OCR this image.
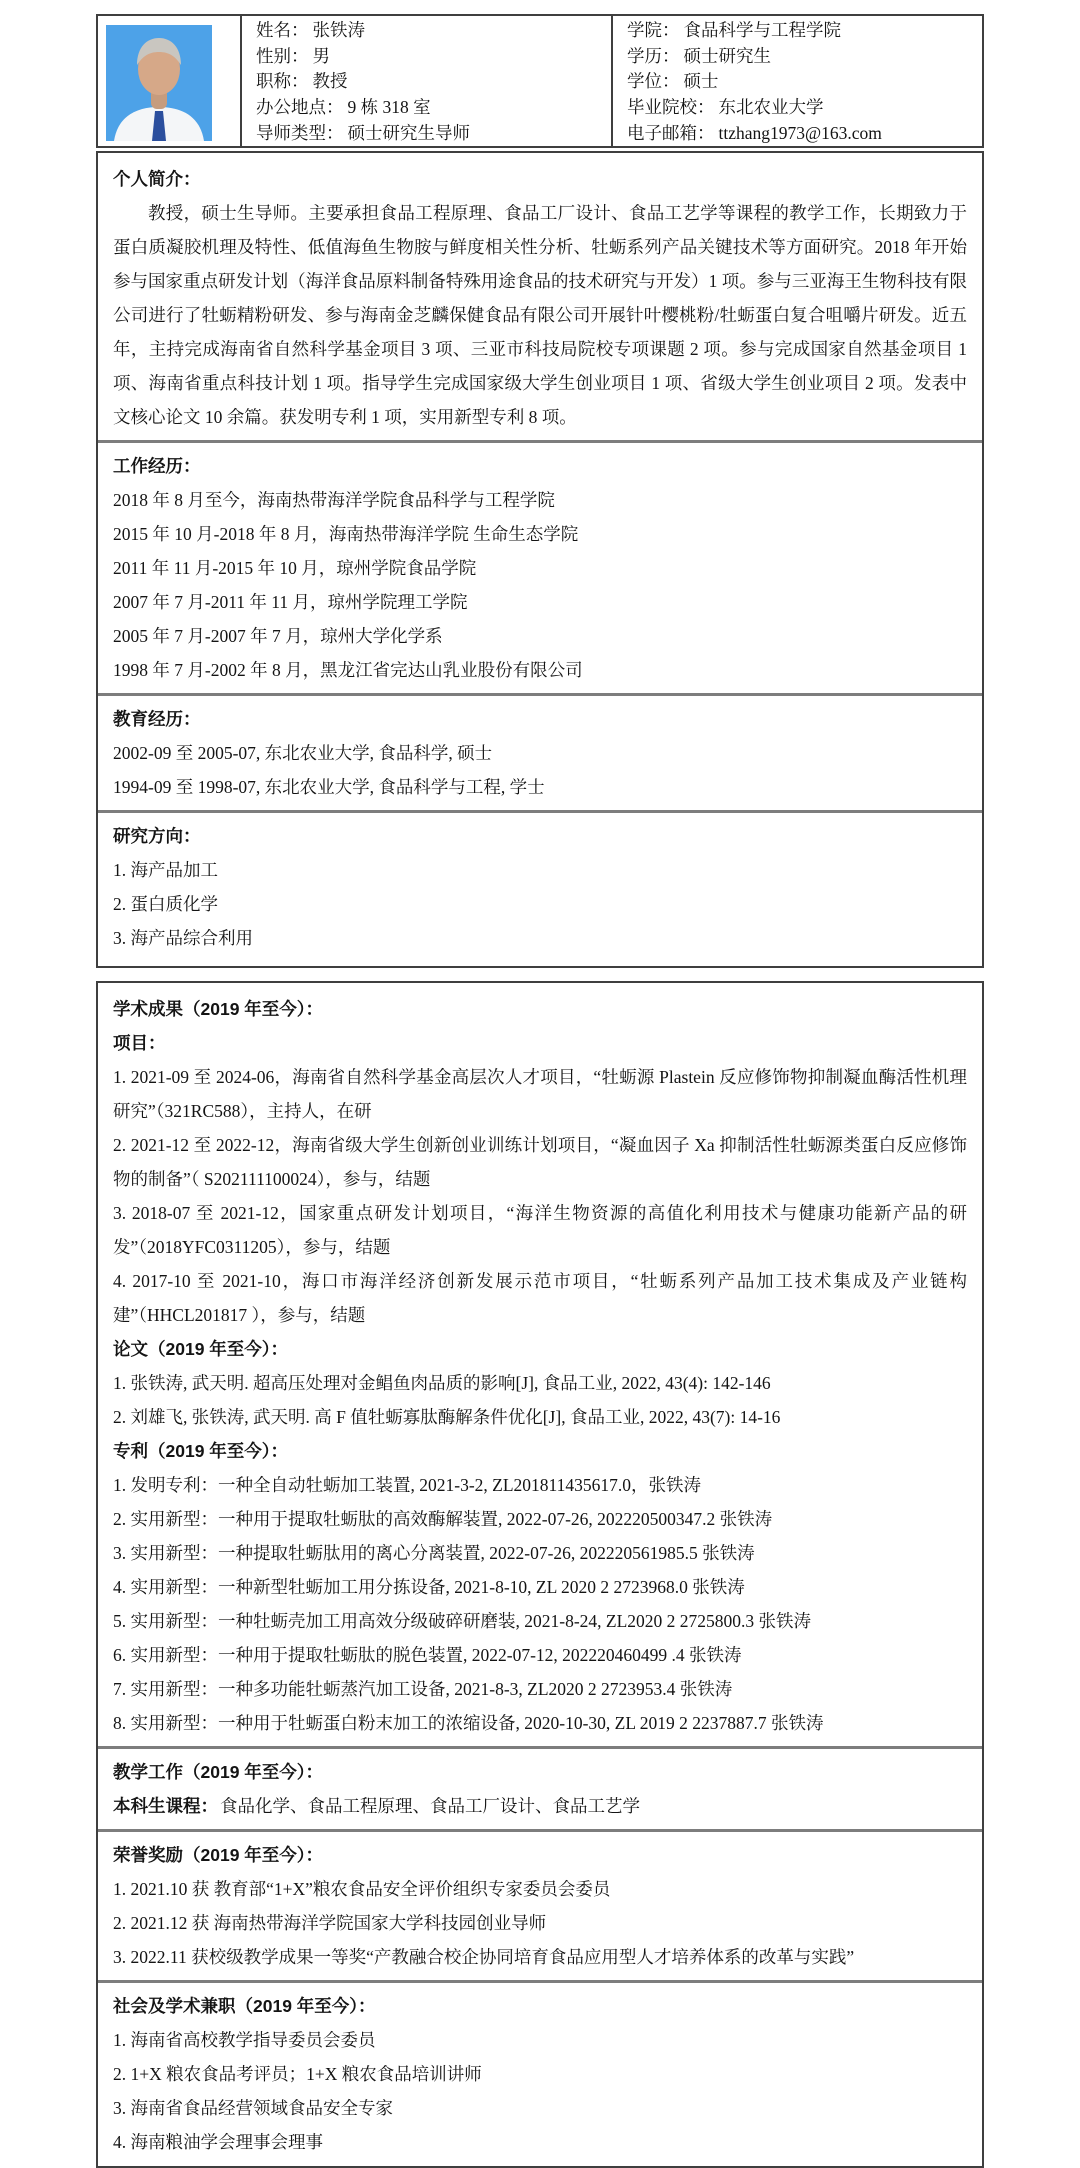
姓名： 张铁涛
性别： 男
职称： 教授
办公地点： 9 栋 318 室
导师类型： 硕士研究生导师
学院： 食品科学与工程学院
学历： 硕士研究生
学位： 硕士
毕业院校： 东北农业大学
电子邮箱： ttzhang1973@163.com
个人简介：

教授，硕士生导师。主要承担食品工程原理、食品工厂设计、食品工艺学等课程的教学工作，长期致力于蛋白质凝胶机理及特性、低值海鱼生物胺与鲜度相关性分析、牡蛎系列产品关键技术等方面研究。2018 年开始参与国家重点研发计划（海洋食品原料制备特殊用途食品的技术研究与开发）1 项。参与三亚海王生物科技有限公司进行了牡蛎精粉研发、参与海南金芝麟保健食品有限公司开展针叶樱桃粉/牡蛎蛋白复合咀嚼片研发。近五年，主持完成海南省自然科学基金项目 3 项、三亚市科技局院校专项课题 2 项。参与完成国家自然基金项目 1 项、海南省重点科技计划 1 项。指导学生完成国家级大学生创业项目 1 项、省级大学生创业项目 2 项。发表中文核心论文 10 余篇。获发明专利 1 项，实用新型专利 8 项。

工作经历：
2018 年 8 月至今，海南热带海洋学院食品科学与工程学院
2015 年 10 月-2018 年 8 月，海南热带海洋学院 生命生态学院
2011 年 11 月-2015 年 10 月，琼州学院食品学院
2007 年 7 月-2011 年 11 月，琼州学院理工学院
2005 年 7 月-2007 年 7 月，琼州大学化学系
1998 年 7 月-2002 年 8 月，黑龙江省完达山乳业股份有限公司
教育经历：
2002-09 至 2005-07, 东北农业大学, 食品科学, 硕士
1994-09 至 1998-07, 东北农业大学, 食品科学与工程, 学士
研究方向：
1. 海产品加工
2. 蛋白质化学
3. 海产品综合利用
学术成果（2019 年至今）：
项目：
1. 2021-09 至 2024-06，海南省自然科学基金高层次人才项目，“牡蛎源 Plastein 反应修饰物抑制凝血酶活性机理研究”（321RC588），主持人，在研
2. 2021-12 至 2022-12，海南省级大学生创新创业训练计划项目，“凝血因子 Xa 抑制活性牡蛎源类蛋白反应修饰物的制备”（ S202111100024），参与，结题
3. 2018-07 至 2021-12，国家重点研发计划项目，“海洋生物资源的高值化利用技术与健康功能新产品的研发”（2018YFC0311205），参与，结题
4. 2017-10 至 2021-10，海口市海洋经济创新发展示范市项目，“牡蛎系列产品加工技术集成及产业链构建”（HHCL201817 ），参与，结题
论文（2019 年至今）：
1. 张铁涛, 武天明. 超高压处理对金鲳鱼肉品质的影响[J], 食品工业, 2022, 43(4): 142-146
2. 刘雄飞, 张铁涛, 武天明. 高 F 值牡蛎寡肽酶解条件优化[J], 食品工业, 2022, 43(7): 14-16
专利（2019 年至今）：
1. 发明专利：一种全自动牡蛎加工装置, 2021-3-2, ZL201811435617.0，张铁涛
2. 实用新型：一种用于提取牡蛎肽的高效酶解装置, 2022-07-26, 202220500347.2 张铁涛
3. 实用新型：一种提取牡蛎肽用的离心分离装置, 2022-07-26, 202220561985.5 张铁涛
4. 实用新型：一种新型牡蛎加工用分拣设备, 2021-8-10, ZL 2020 2 2723968.0 张铁涛
5. 实用新型：一种牡蛎壳加工用高效分级破碎研磨装, 2021-8-24, ZL2020 2 2725800.3 张铁涛
6. 实用新型：一种用于提取牡蛎肽的脱色装置, 2022-07-12, 202220460499 .4 张铁涛
7. 实用新型：一种多功能牡蛎蒸汽加工设备, 2021-8-3, ZL2020 2 2723953.4 张铁涛
8. 实用新型：一种用于牡蛎蛋白粉末加工的浓缩设备, 2020-10-30, ZL 2019 2 2237887.7 张铁涛
教学工作（2019 年至今）：
本科生课程： 食品化学、食品工程原理、食品工厂设计、食品工艺学
荣誉奖励（2019 年至今）：
1. 2021.10 获 教育部“1+X”粮农食品安全评价组织专家委员会委员
2. 2021.12 获 海南热带海洋学院国家大学科技园创业导师
3. 2022.11 获校级教学成果一等奖“产教融合校企协同培育食品应用型人才培养体系的改革与实践”
社会及学术兼职（2019 年至今）：
1. 海南省高校教学指导委员会委员
2. 1+X 粮农食品考评员；1+X 粮农食品培训讲师
3. 海南省食品经营领域食品安全专家
4. 海南粮油学会理事会理事
